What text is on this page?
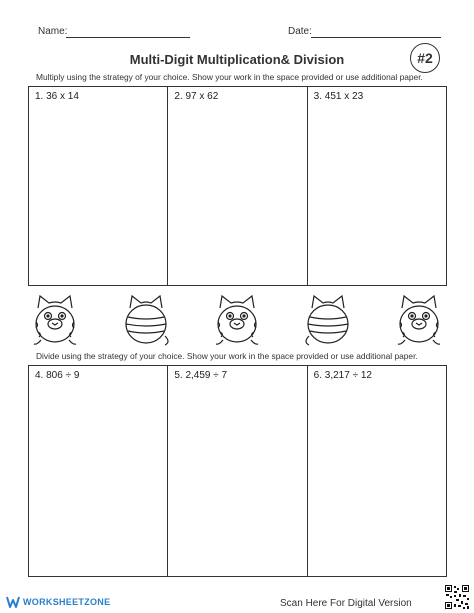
Name:	Date:
Multi-Digit Multiplication& Division	#2
Multiply using the strategy of your choice. Show your work in the space provided or use additional paper.
1. 36 x 14	2. 97 x 62	3. 451 x 23
Divide using the strategy of your choice. Show your work in the space provided or use additional paper.
4. 806 ÷ 9	5. 2,459 ÷ 7	6. 3,217 ÷ 12
WORKSHEETZONE	Scan Here For Digital Version
